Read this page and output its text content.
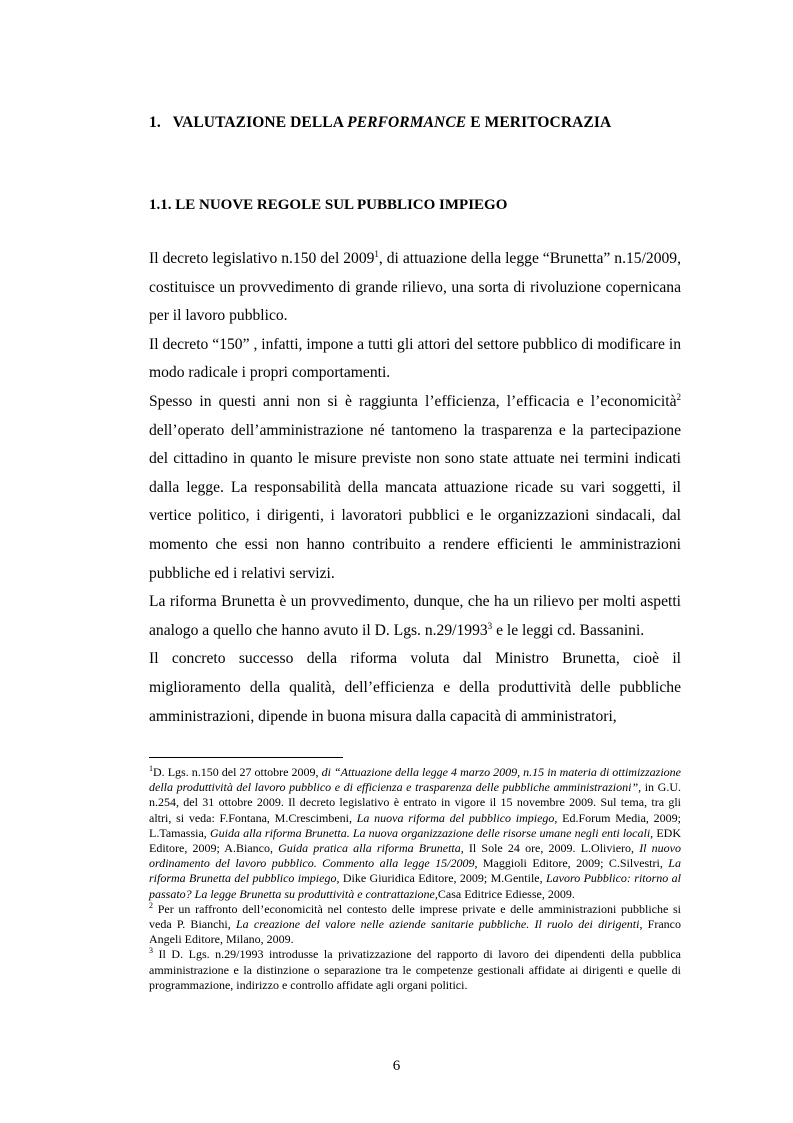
1. VALUTAZIONE DELLA PERFORMANCE E MERITOCRAZIA
1.1. LE NUOVE REGOLE SUL PUBBLICO IMPIEGO

Il decreto legislativo n.150 del 2009$^1$, di attuazione della legge “Brunetta” n.15/2009, costituisce un provvedimento di grande rilievo, una sorta di rivoluzione copernicana per il lavoro pubblico.

Il decreto “150” , infatti, impone a tutti gli attori del settore pubblico di modificare in modo radicale i propri comportamenti.

Spesso in questi anni non si è raggiunta l’efficienza, l’efficacia e l’economicità$^2$ dell’operato dell’amministrazione né tantomeno la trasparenza e la partecipazione del cittadino in quanto le misure previste non sono state attuate nei termini indicati dalla legge. La responsabilità della mancata attuazione ricade su vari soggetti, il vertice politico, i dirigenti, i lavoratori pubblici e le organizzazioni sindacali, dal momento che essi non hanno contribuito a rendere efficienti le amministrazioni pubbliche ed i relativi servizi.

La riforma Brunetta è un provvedimento, dunque, che ha un rilievo per molti aspetti analogo a quello che hanno avuto il D. Lgs. n.29/1993$^3$ e le leggi cd. Bassanini.

Il concreto successo della riforma voluta dal Ministro Brunetta, cioè il miglioramento della qualità, dell’efficienza e della produttività delle pubbliche amministrazioni, dipende in buona misura dalla capacità di amministratori,

$^1$D. Lgs. n.150 del 27 ottobre 2009, di “Attuazione della legge 4 marzo 2009, n.15 in materia di ottimizzazione della produttività del lavoro pubblico e di efficienza e trasparenza delle pubbliche amministrazioni”, in G.U. n.254, del 31 ottobre 2009. Il decreto legislativo è entrato in vigore il 15 novembre 2009. Sul tema, tra gli altri, si veda: F.Fontana, M.Crescimbeni, La nuova riforma del pubblico impiego, Ed.Forum Media, 2009; L.Tamassia, Guida alla riforma Brunetta. La nuova organizzazione delle risorse umane negli enti locali, EDK Editore, 2009; A.Bianco, Guida pratica alla riforma Brunetta, Il Sole 24 ore, 2009. L.Oliviero, Il nuovo ordinamento del lavoro pubblico. Commento alla legge 15/2009, Maggioli Editore, 2009; C.Silvestri, La riforma Brunetta del pubblico impiego, Dike Giuridica Editore, 2009; M.Gentile, Lavoro Pubblico: ritorno al passato? La legge Brunetta su produttività e contrattazione,Casa Editrice Ediesse, 2009.

$^2$ Per un raffronto dell’economicità nel contesto delle imprese private e delle amministrazioni pubbliche si veda P. Bianchi, La creazione del valore nelle aziende sanitarie pubbliche. Il ruolo dei dirigenti, Franco Angeli Editore, Milano, 2009.

$^3$ Il D. Lgs. n.29/1993 introdusse la privatizzazione del rapporto di lavoro dei dipendenti della pubblica amministrazione e la distinzione o separazione tra le competenze gestionali affidate ai dirigenti e quelle di programmazione, indirizzo e controllo affidate agli organi politici.

6
